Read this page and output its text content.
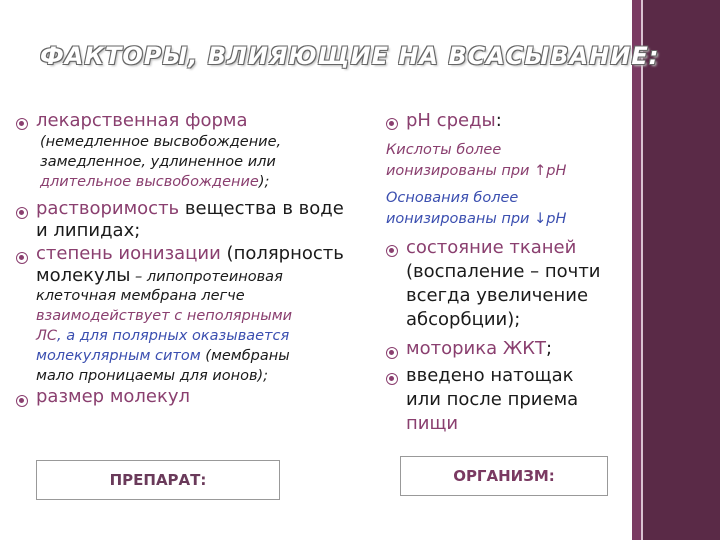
ФАКТОРЫ, ВЛИЯЮЩИЕ НА ВСАСЫВАНИЕ:
лекарственная форма
(немедленное высвобождение,
замедленное, удлиненное или
длительное высвобождение);
растворимость вещества в воде
и липидах;
степень ионизации (полярность
молекулы – липопротеиновая
клеточная мембрана легче
взаимодействует с неполярными
ЛС, а для полярных оказывается
молекулярным ситом (мембраны
мало проницаемы для ионов);
размер молекул
рН среды:
Кислоты более
ионизированы при ↑рН
Основания более
ионизированы при ↓рН
состояние тканей
(воспаление – почти
всегда увеличение
абсорбции);
моторика ЖКТ;
введено натощак
или после приема
пищи
ПРЕПАРАТ:	ОРГАНИЗМ:
